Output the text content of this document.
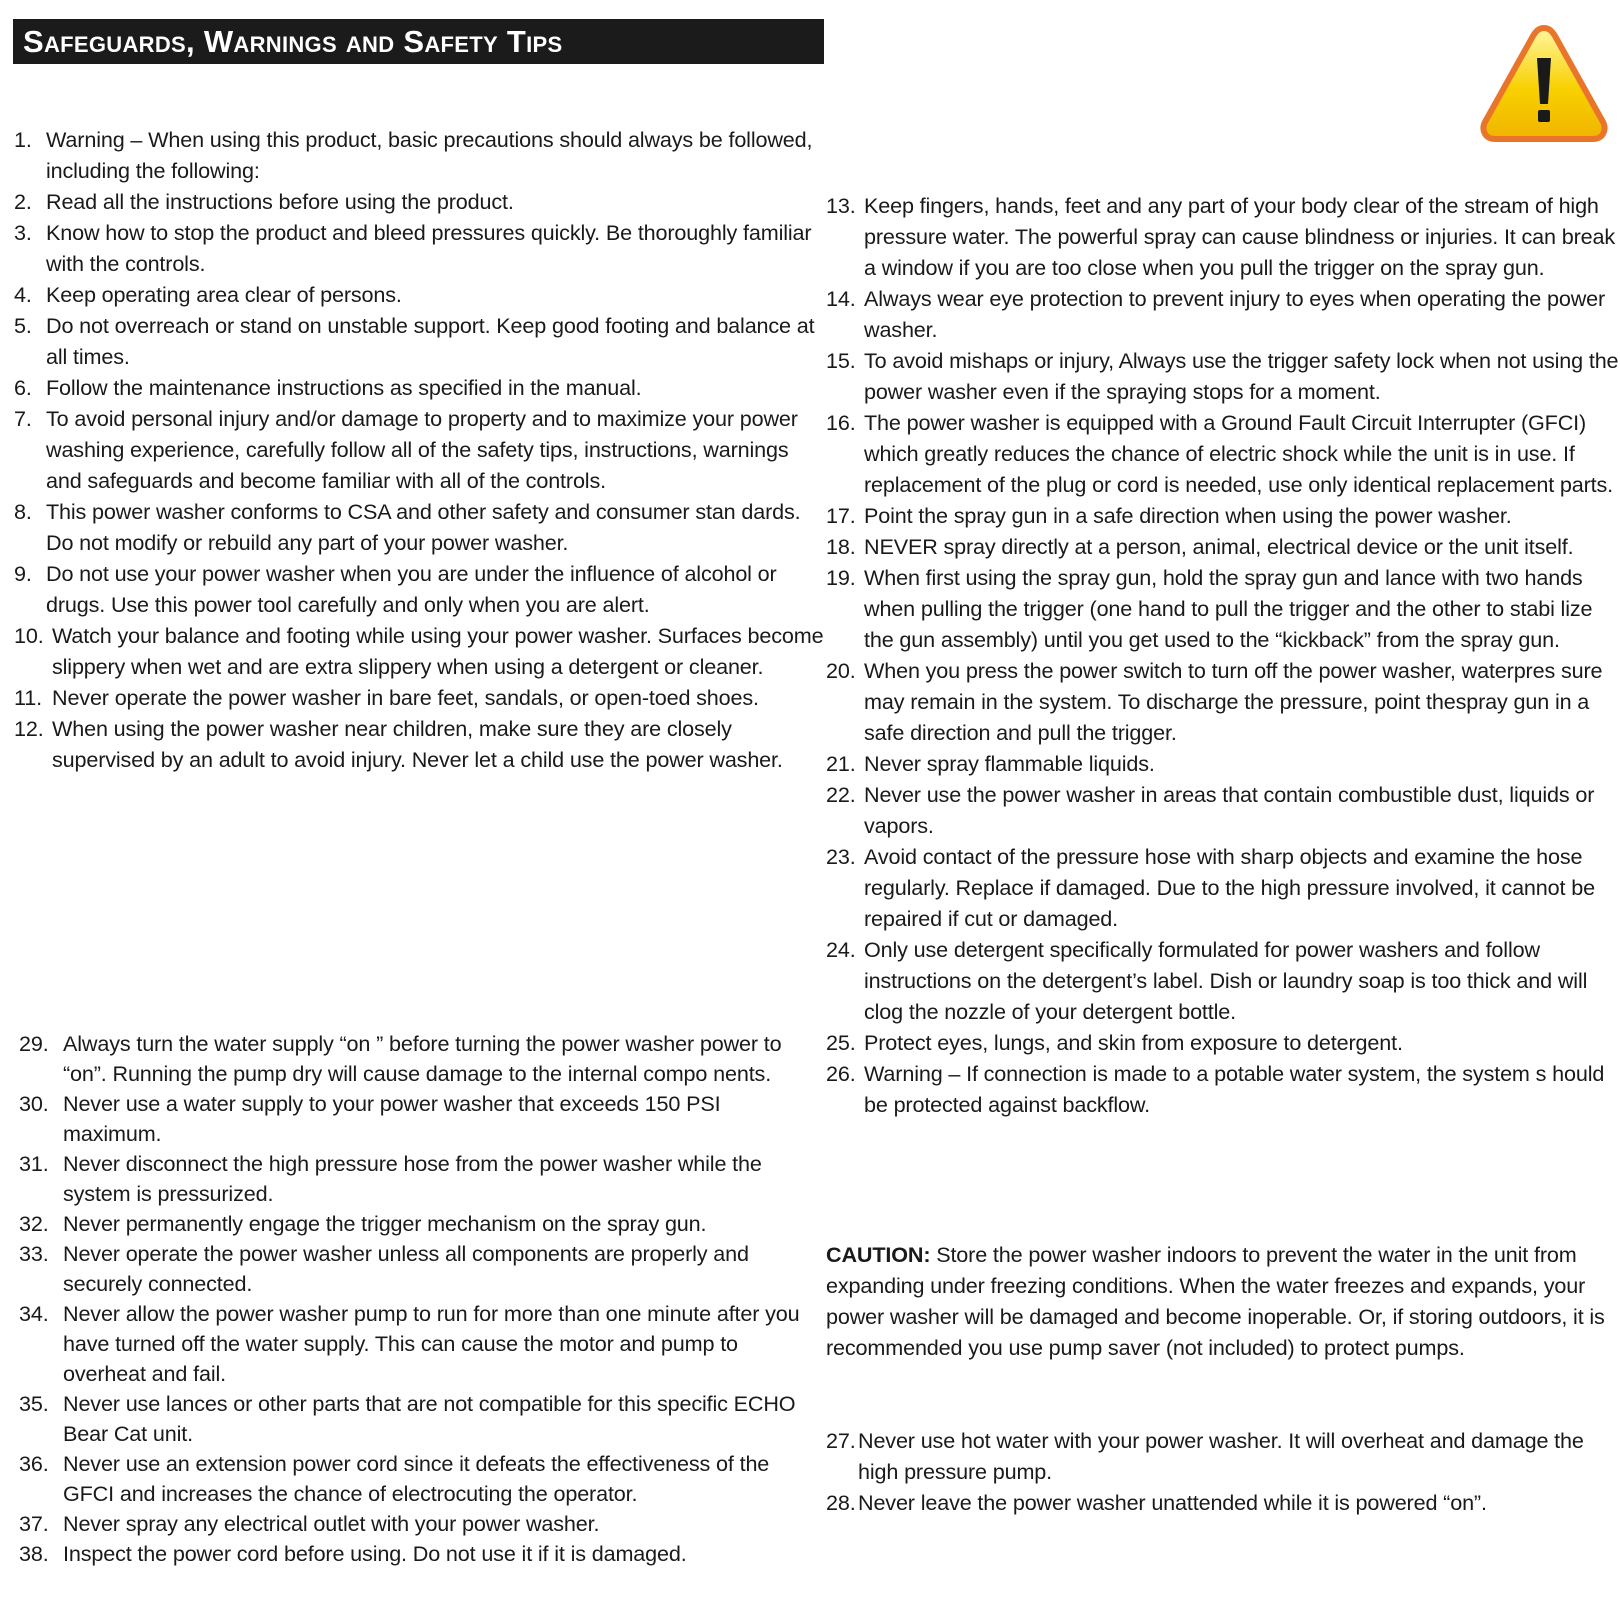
Safeguards, Warnings and Safety Tips
1. Warning – When using this product, basic precautions should always be followed, including the following:
2. Read all the instructions before using the product.
3. Know how to stop the product and bleed pressures quickly. Be thoroughly familiar with the controls.
4. Keep operating area clear of persons.
5. Do not overreach or stand on unstable support. Keep good footing and balance at all times.
6. Follow the maintenance instructions as specified in the manual.
7. To avoid personal injury and/or damage to property and to maximize your power washing experience, carefully follow all of the safety tips, instructions, warnings and safeguards and become familiar with all of the controls.
8. This power washer conforms to CSA and other safety and consumer stan dards. Do not modify or rebuild any part of your power washer.
9. Do not use your power washer when you are under the influence of alcohol or drugs. Use this power tool carefully and only when you are alert.
10. Watch your balance and footing while using your power washer. Surfaces become slippery when wet and are extra slippery when using a detergent or cleaner.
11. Never operate the power washer in bare feet, sandals, or open-toed shoes.
12. When using the power washer near children, make sure they are closely supervised by an adult to avoid injury. Never let a child use the power washer.
13. Keep fingers, hands, feet and any part of your body clear of the stream of high pressure water. The powerful spray can cause blindness or injuries. It can break a window if you are too close when you pull the trigger on the spray gun.
14. Always wear eye protection to prevent injury to eyes when operating the power washer.
15. To avoid mishaps or injury, Always use the trigger safety lock when not using the power washer even if the spraying stops for a moment.
16. The power washer is equipped with a Ground Fault Circuit Interrupter (GFCI) which greatly reduces the chance of electric shock while the unit is in use. If replacement of the plug or cord is needed, use only identical replacement parts.
17. Point the spray gun in a safe direction when using the power washer.
18. NEVER spray directly at a person, animal, electrical device or the unit itself.
19. When first using the spray gun, hold the spray gun and lance with two hands when pulling the trigger (one hand to pull the trigger and the other to stabi lize the gun assembly) until you get used to the “kickback” from the spray gun.
20. When you press the power switch to turn off the power washer, waterpres sure may remain in the system. To discharge the pressure, point thespray gun in a safe direction and pull the trigger.
21. Never spray flammable liquids.
22. Never use the power washer in areas that contain combustible dust, liquids or vapors.
23. Avoid contact of the pressure hose with sharp objects and examine the hose regularly. Replace if damaged. Due to the high pressure involved, it cannot be repaired if cut or damaged.
24. Only use detergent specifically formulated for power washers and follow instructions on the detergent’s label. Dish or laundry soap is too thick and will clog the nozzle of your detergent bottle.
25. Protect eyes, lungs, and skin from exposure to detergent.
26. Warning – If connection is made to a potable water system, the system s hould be protected against backflow.
CAUTION: Store the power washer indoors to prevent the water in the unit from expanding under freezing conditions. When the water freezes and expands, your power washer will be damaged and become inoperable. Or, if storing outdoors, it is recommended you use pump saver (not included) to protect pumps.
27. Never use hot water with your power washer. It will overheat and damage the high pressure pump.
28. Never leave the power washer unattended while it is powered “on”.
29. Always turn the water supply “on ” before turning the power washer power to “on”. Running the pump dry will cause damage to the internal compo nents.
30. Never use a water supply to your power washer that exceeds 150 PSI maximum.
31. Never disconnect the high pressure hose from the power washer while the system is pressurized.
32. Never permanently engage the trigger mechanism on the spray gun.
33. Never operate the power washer unless all components are properly and securely connected.
34. Never allow the power washer pump to run for more than one minute after you have turned off the water supply. This can cause the motor and pump to overheat and fail.
35. Never use lances or other parts that are not compatible for this specific ECHO Bear Cat unit.
36. Never use an extension power cord since it defeats the effectiveness of the GFCI and increases the chance of electrocuting the operator.
37. Never spray any electrical outlet with your power washer.
38. Inspect the power cord before using. Do not use it if it is damaged.
